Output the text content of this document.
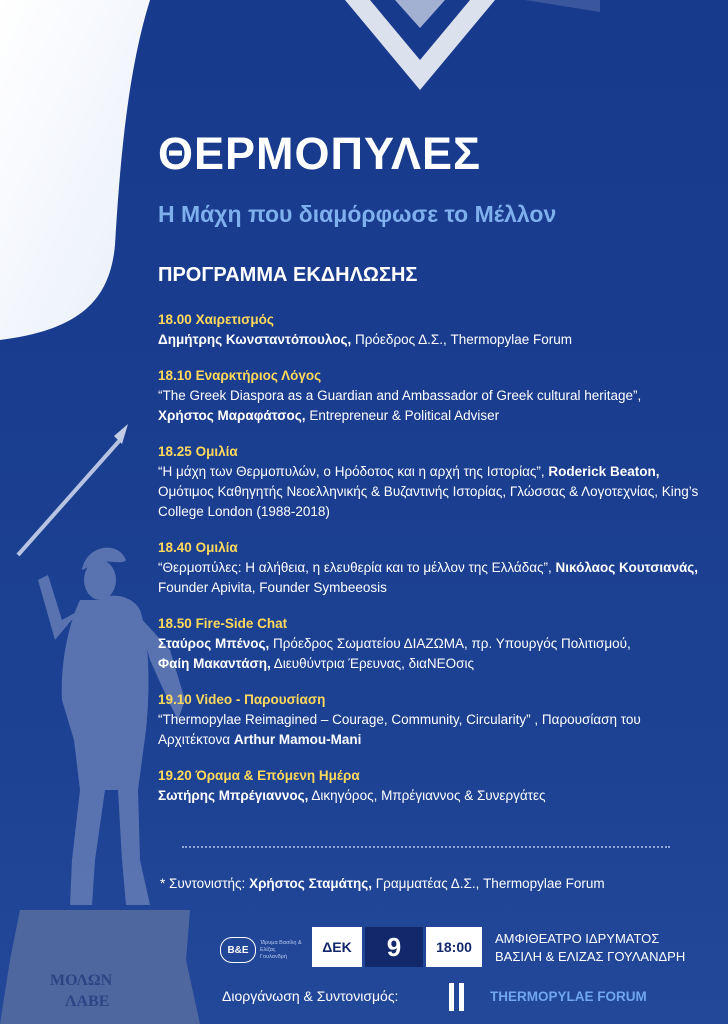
ΜΟΛΩΝ
ΛΑΒΕ
ΘΕΡΜΟΠΥΛΕΣ
Η Μάχη που διαμόρφωσε το Μέλλον
ΠΡΟΓΡΑΜΜΑ ΕΚΔΗΛΩΣΗΣ

18.00 Χαιρετισμός

Δημήτρης Κωνσταντόπουλος, Πρόεδρος Δ.Σ., Thermopylae Forum

18.10 Εναρκτήριος Λόγος

“The Greek Diaspora as a Guardian and Ambassador of Greek cultural heritage”,

Χρήστος Μαραφάτσος, Entrepreneur & Political Adviser

18.25 Ομιλία

“Η μάχη των Θερμοπυλών, ο Ηρόδοτος και η αρχή της Ιστορίας”, Roderick Beaton, Ομότιμος Καθηγητής Νεοελληνικής & Βυζαντινής Ιστορίας, Γλώσσας & Λογοτεχνίας, King’s College London (1988-2018)

18.40 Ομιλία

“Θερμοπύλες: Η αλήθεια, η ελευθερία και το μέλλον της Ελλάδας”, Νικόλαος Κουτσιανάς, Founder Apivita, Founder Symbeeosis

18.50 Fire-Side Chat

Σταύρος Μπένος, Πρόεδρος Σωματείου ΔΙΑΖΩΜΑ, πρ. Υπουργός Πολιτισμού,

Φαίη Μακαντάση, Διευθύντρια Έρευνας, διαΝΕΟσις

19.10 Video - Παρουσίαση

“Thermopylae Reimagined – Courage, Community, Circularity” , Παρουσίαση του Αρχιτέκτονα Arthur Mamou-Mani

19.20 Όραμα & Επόμενη Ημέρα

Σωτήρης Μπρέγιαννος, Δικηγόρος, Μπρέγιαννος & Συνεργάτες

* Συντονιστής: Χρήστος Σταμάτης, Γραμματέας Δ.Σ., Thermopylae Forum

Β&Ε
Ίδρυμα Βασίλη & Ελίζας Γουλανδρή
ΔΕΚ	9	18:00

ΑΜΦΙΘΕΑΤΡΟ ΙΔΡΥΜΑΤΟΣ
ΒΑΣΙΛΗ & ΕΛΙΖΑΣ ΓΟΥΛΑΝΔΡΗ

Διοργάνωση & Συντονισμός:	THERMOPYLAE FORUM
